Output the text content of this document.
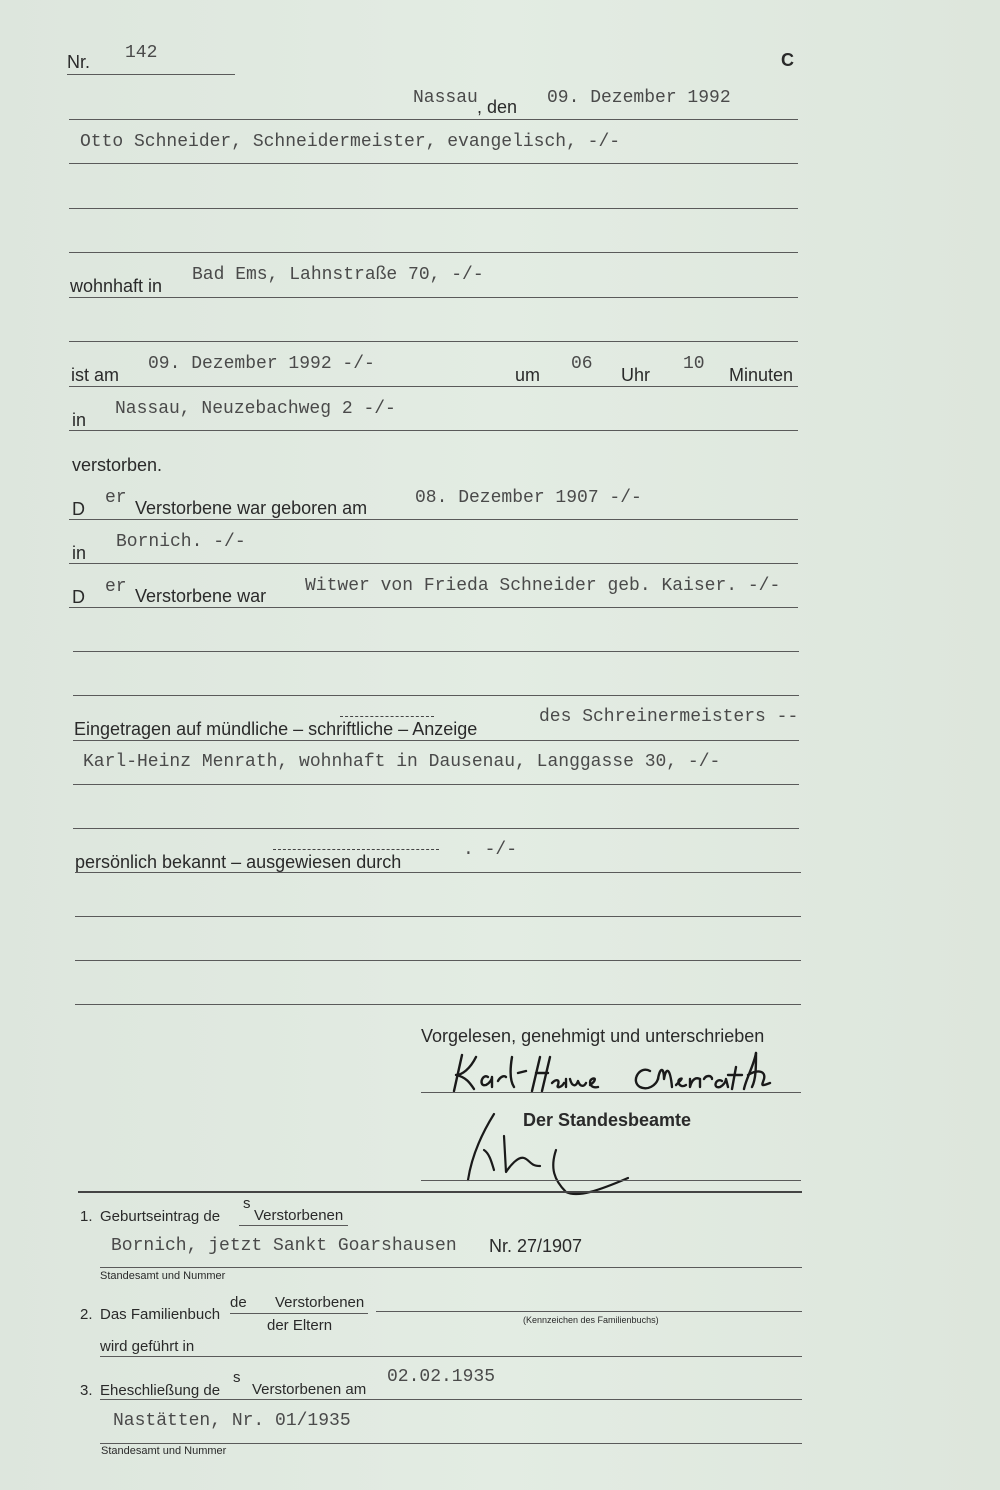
Nr. 142	C
Nassau , den 09. Dezember 1992
Otto Schneider, Schneidermeister, evangelisch, -/-
wohnhaft in
Bad Ems, Lahnstraße 70, -/-
ist am
09. Dezember 1992 -/-
um
06
Uhr
10
Minuten
in
Nassau, Neuzebachweg 2 -/-
verstorben.
D
er Verstorbene war geboren am	08. Dezember 1907 -/-
in
Bornich. -/-
D er Verstorbene war Witwer von Frieda Schneider geb. Kaiser. -/-
Eingetragen auf mündliche – schriftliche – Anzeige
des Schreinermeisters --
Karl-Heinz Menrath, wohnhaft in Dausenau, Langgasse 30, -/-
persönlich bekannt – ausgewiesen durch
. -/-
Vorgelesen, genehmigt und unterschrieben
Der Standesbeamte
1. Geburtseintrag de
s
Verstorbenen
Bornich, jetzt Sankt Goarshausen Nr. 27/1907
Standesamt und Nummer
2. Das Familienbuch
de Verstorbenen
der Eltern	(Kennzeichen des Familienbuchs)
wird geführt in
3. Eheschließung de
s
Verstorbenen am
02.02.1935
Nastätten, Nr. 01/1935
Standesamt und Nummer
